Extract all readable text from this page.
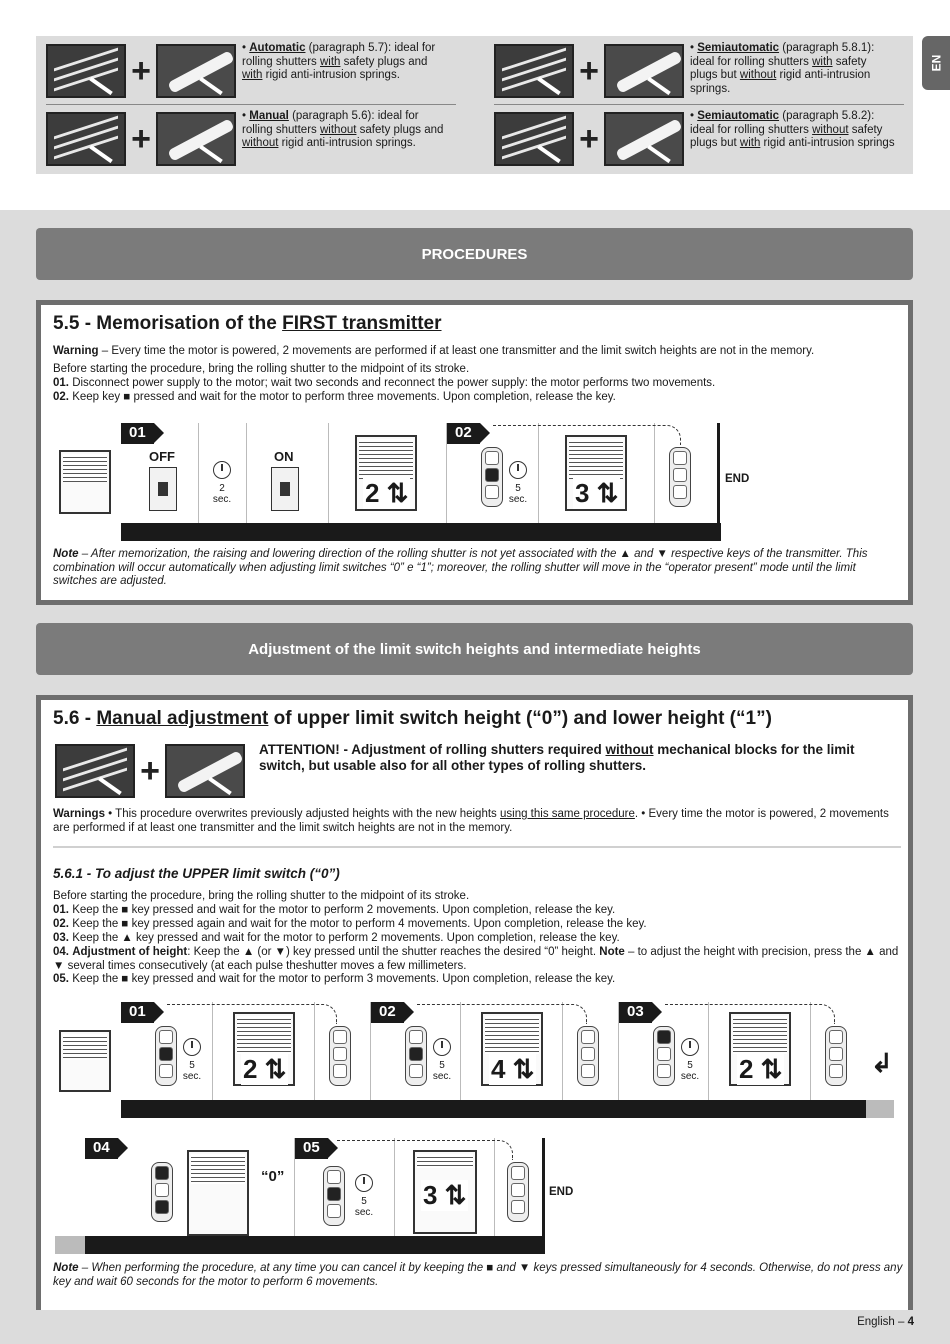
+
• Automatic (paragraph 5.7): ideal for rolling shutters with safety plugs and with rigid anti-intrusion springs.
+
• Manual (paragraph 5.6): ideal for rolling shutters without safety plugs and without rigid anti-intrusion springs.
+
• Semiautomatic (paragraph 5.8.1): ideal for rolling shutters with safety plugs but without rigid anti-intrusion springs.
+
• Semiautomatic (paragraph 5.8.2): ideal for rolling shutters without safety plugs but with rigid anti-intrusion springs
EN
PROCEDURES
5.5 - Memorisation of the FIRST transmitter
Warning – Every time the motor is powered, 2 movements are performed if at least one transmitter and the limit switch heights are not in the memory.
Before starting the procedure, bring the rolling shutter to the midpoint of its stroke.
01. Disconnect power supply to the motor; wait two seconds and reconnect the power supply: the motor performs two movements.
02. Keep key ■ pressed and wait for the motor to perform three movements. Upon completion, release the key.
01	02
OFF
2
sec.
ON
2 ⇅	5
sec. 3 ⇅	END
Note – After memorization, the raising and lowering direction of the rolling shutter is not yet associated with the ▲ and ▼ respective keys of the transmitter. This combination will occur automatically when adjusting limit switches “0” e “1”; moreover, the rolling shutter will move in the “operator present” mode until the limit switches are adjusted.
Adjustment of the limit switch heights and intermediate heights
5.6 - Manual adjustment of upper limit switch height (“0”) and lower height (“1”)
+
ATTENTION! - Adjustment of rolling shutters required without mechanical blocks for the limit switch, but usable also for all other types of rolling shutters.
Warnings • This procedure overwrites previously adjusted heights with the new heights using this same procedure. • Every time the motor is powered, 2 movements are performed if at least one transmitter and the limit switch heights are not in the memory.
5.6.1 - To adjust the UPPER limit switch (“0”)
Before starting the procedure, bring the rolling shutter to the midpoint of its stroke.
01. Keep the ■ key pressed and wait for the motor to perform 2 movements. Upon completion, release the key.
02. Keep the ■ key pressed again and wait for the motor to perform 4 movements. Upon completion, release the key.
03. Keep the ▲ key pressed and wait for the motor to perform 2 movements. Upon completion, release the key.
04. Adjustment of height: Keep the ▲ (or ▼) key pressed until the shutter reaches the desired “0” height. Note – to adjust the height with precision, press the ▲ and ▼ several times consecutively (at each pulse theshutter moves a few millimeters.
05. Keep the ■ key pressed and wait for the motor to perform 3 movements. Upon completion, release the key.
01	02	03
5
sec. 2 ⇅	5
sec. 4 ⇅	5
sec. 2 ⇅	↲
04	05
“0”
5
sec.
3 ⇅	END
Note – When performing the procedure, at any time you can cancel it by keeping the ■ and ▼ keys pressed simultaneously for 4 seconds. Otherwise, do not press any key and wait 60 seconds for the motor to perform 6 movements.
English – 4
